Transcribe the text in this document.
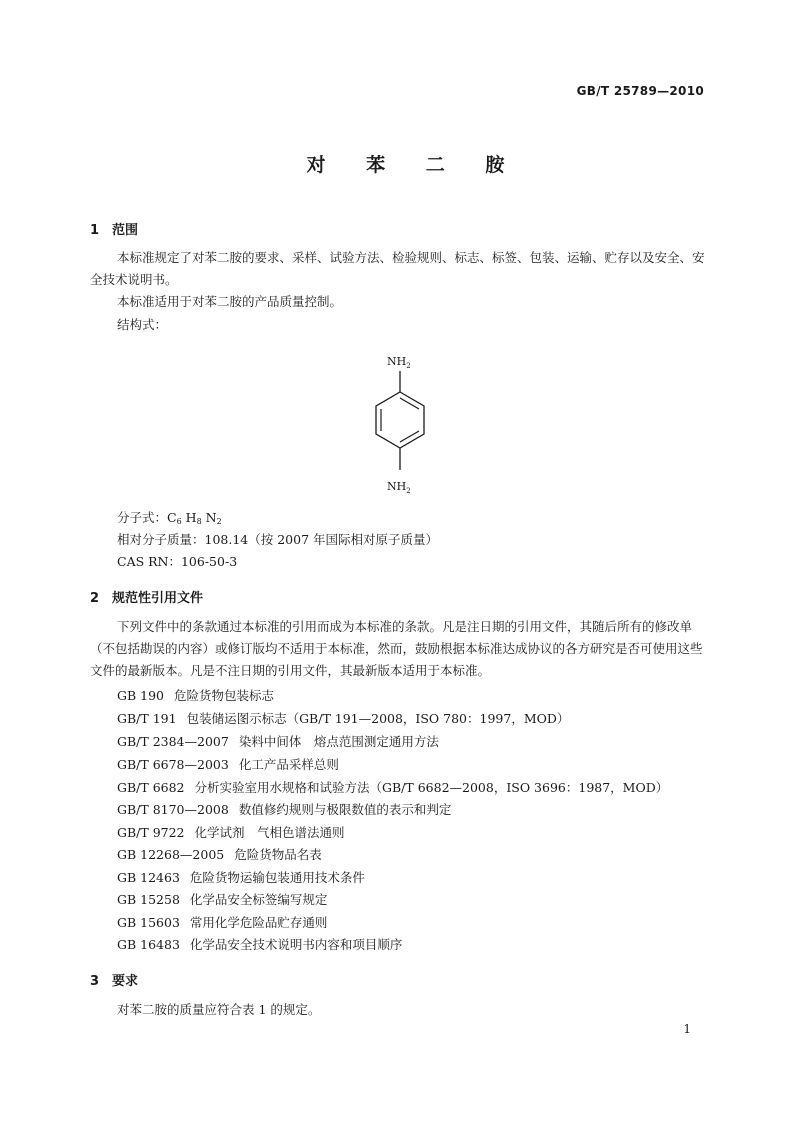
GB/T 25789—2010
对 苯 二 胺
1 范围
本标准规定了对苯二胺的要求、采样、试验方法、检验规则、标志、标签、包装、运输、贮存以及安全、安全技术说明书。
本标准适用于对苯二胺的产品质量控制。
结构式：
$NH_2$
$NH_2$
分子式：$C_6$ $H_8$ $N_2$
相对分子质量：108.14（按 2007 年国际相对原子质量）
CAS RN：106-50-3
2 规范性引用文件
下列文件中的条款通过本标准的引用而成为本标准的条款。凡是注日期的引用文件，其随后所有的修改单（不包括勘误的内容）或修订版均不适用于本标准，然而，鼓励根据本标准达成协议的各方研究是否可使用这些文件的最新版本。凡是不注日期的引用文件，其最新版本适用于本标准。
GB 190 危险货物包装标志
GB/T 191 包装储运图示标志（GB/T 191—2008，ISO 780：1997，MOD）
GB/T 2384—2007 染料中间体　熔点范围测定通用方法
GB/T 6678—2003 化工产品采样总则
GB/T 6682 分析实验室用水规格和试验方法（GB/T 6682—2008，ISO 3696：1987，MOD）
GB/T 8170—2008 数值修约规则与极限数值的表示和判定
GB/T 9722 化学试剂　气相色谱法通则
GB 12268—2005 危险货物品名表
GB 12463 危险货物运输包装通用技术条件
GB 15258 化学品安全标签编写规定
GB 15603 常用化学危险品贮存通则
GB 16483 化学品安全技术说明书内容和项目顺序
3 要求
对苯二胺的质量应符合表 1 的规定。
1
